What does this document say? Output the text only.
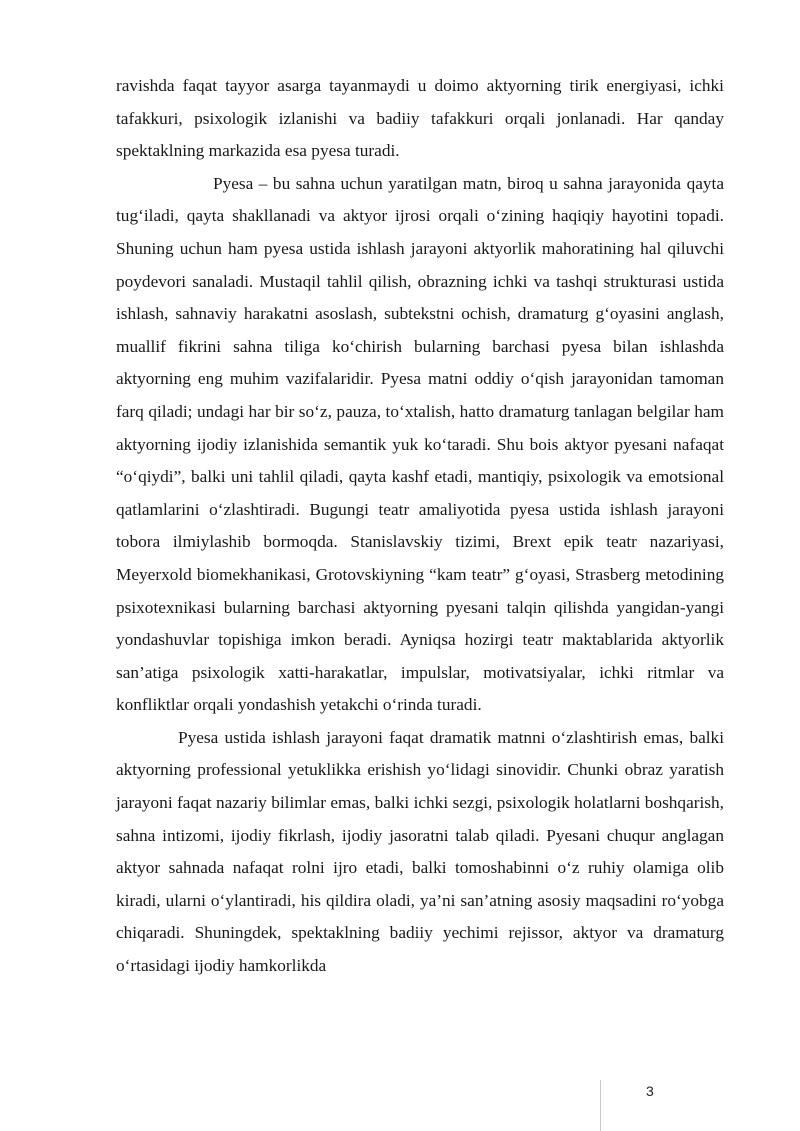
ravishda faqat tayyor asarga tayanmaydi u doimo aktyorning tirik energiyasi, ichki tafakkuri, psixologik izlanishi va badiiy tafakkuri orqali jonlanadi. Har qanday spektaklning markazida esa pyesa turadi.

Pyesa – bu sahna uchun yaratilgan matn, biroq u sahna jarayonida qayta tug‘iladi, qayta shakllanadi va aktyor ijrosi orqali o‘zining haqiqiy hayotini topadi. Shuning uchun ham pyesa ustida ishlash jarayoni aktyorlik mahoratining hal qiluvchi poydevori sanaladi. Mustaqil tahlil qilish, obrazning ichki va tashqi strukturasi ustida ishlash, sahnaviy harakatni asoslash, subtekstni ochish, dramaturg g‘oyasini anglash, muallif fikrini sahna tiliga ko‘chirish bularning barchasi pyesa bilan ishlashda aktyorning eng muhim vazifalaridir. Pyesa matni oddiy o‘qish jarayonidan tamoman farq qiladi; undagi har bir so‘z, pauza, to‘xtalish, hatto dramaturg tanlagan belgilar ham aktyorning ijodiy izlanishida semantik yuk ko‘taradi. Shu bois aktyor pyesani nafaqat “o‘qiydi”, balki uni tahlil qiladi, qayta kashf etadi, mantiqiy, psixologik va emotsional qatlamlarini o‘zlashtiradi. Bugungi teatr amaliyotida pyesa ustida ishlash jarayoni tobora ilmiylashib bormoqda. Stanislavskiy tizimi, Brext epik teatr nazariyasi, Meyerxold biomekhanikasi, Grotovskiyning “kam teatr” g‘oyasi, Strasberg metodining psixotexnikasi bularning barchasi aktyorning pyesani talqin qilishda yangidan-yangi yondashuvlar topishiga imkon beradi. Ayniqsa hozirgi teatr maktablarida aktyorlik san’atiga psixologik xatti-harakatlar, impulslar, motivatsiyalar, ichki ritmlar va konfliktlar orqali yondashish yetakchi o‘rinda turadi.

Pyesa ustida ishlash jarayoni faqat dramatik matnni o‘zlashtirish emas, balki aktyorning professional yetuklikka erishish yo‘lidagi sinovidir. Chunki obraz yaratish jarayoni faqat nazariy bilimlar emas, balki ichki sezgi, psixologik holatlarni boshqarish, sahna intizomi, ijodiy fikrlash, ijodiy jasoratni talab qiladi. Pyesani chuqur anglagan aktyor sahnada nafaqat rolni ijro etadi, balki tomoshabinni o‘z ruhiy olamiga olib kiradi, ularni o‘ylantiradi, his qildira oladi, ya’ni san’atning asosiy maqsadini ro‘yobga chiqaradi. Shuningdek, spektaklning badiiy yechimi rejissor, aktyor va dramaturg o‘rtasidagi ijodiy hamkorlikda

3
